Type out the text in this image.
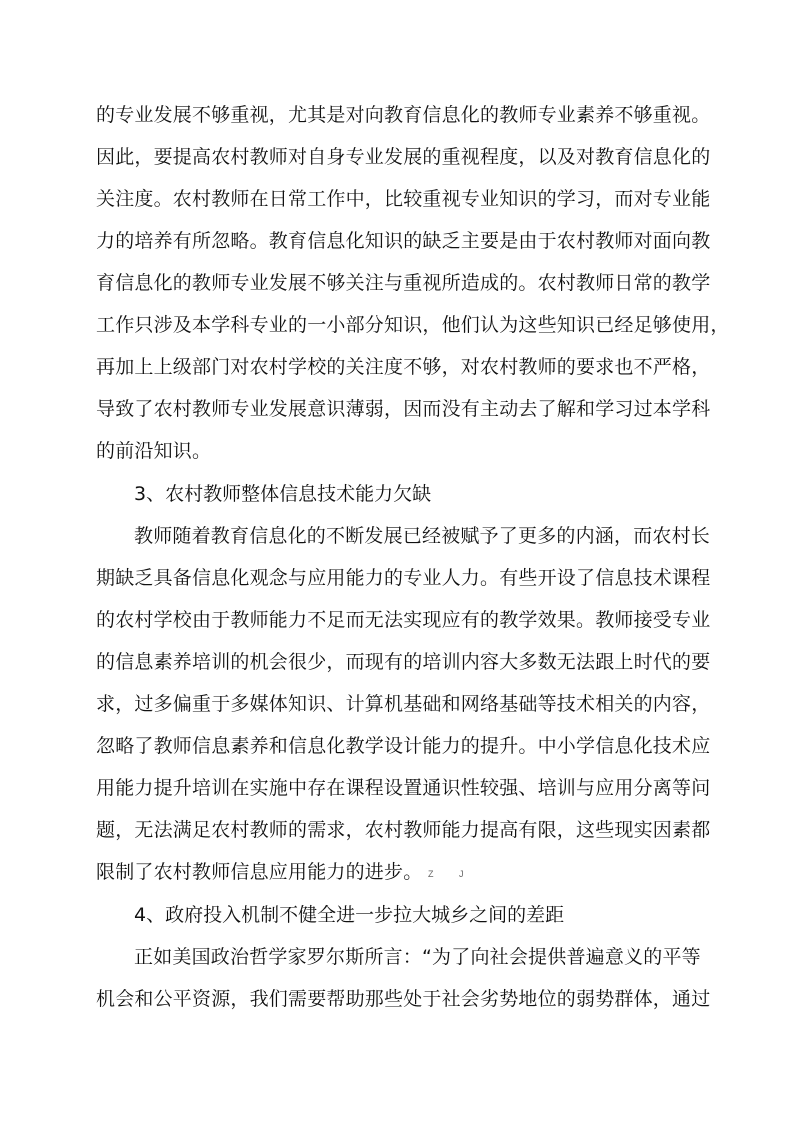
的专业发展不够重视，尤其是对向教育信息化的教师专业素养不够重视。
因此，要提高农村教师对自身专业发展的重视程度，以及对教育信息化的
关注度。农村教师在日常工作中，比较重视专业知识的学习，而对专业能
力的培养有所忽略。教育信息化知识的缺乏主要是由于农村教师对面向教
育信息化的教师专业发展不够关注与重视所造成的。农村教师日常的教学
工作只涉及本学科专业的一小部分知识，他们认为这些知识已经足够使用，
再加上上级部门对农村学校的关注度不够，对农村教师的要求也不严格，
导致了农村教师专业发展意识薄弱，因而没有主动去了解和学习过本学科
的前沿知识。
3、农村教师整体信息技术能力欠缺
教师随着教育信息化的不断发展已经被赋予了更多的内涵，而农村长
期缺乏具备信息化观念与应用能力的专业人力。有些开设了信息技术课程
的农村学校由于教师能力不足而无法实现应有的教学效果。教师接受专业
的信息素养培训的机会很少，而现有的培训内容大多数无法跟上时代的要
求，过多偏重于多媒体知识、计算机基础和网络基础等技术相关的内容，
忽略了教师信息素养和信息化教学设计能力的提升。中小学信息化技术应
用能力提升培训在实施中存在课程设置通识性较强、培训与应用分离等问
题，无法满足农村教师的需求，农村教师能力提高有限，这些现实因素都
限制了农村教师信息应用能力的进步。 Z	J
4、政府投入机制不健全进一步拉大城乡之间的差距
正如美国政治哲学家罗尔斯所言：“为了向社会提供普遍意义的平等
机会和公平资源，我们需要帮助那些处于社会劣势地位的弱势群体，通过
